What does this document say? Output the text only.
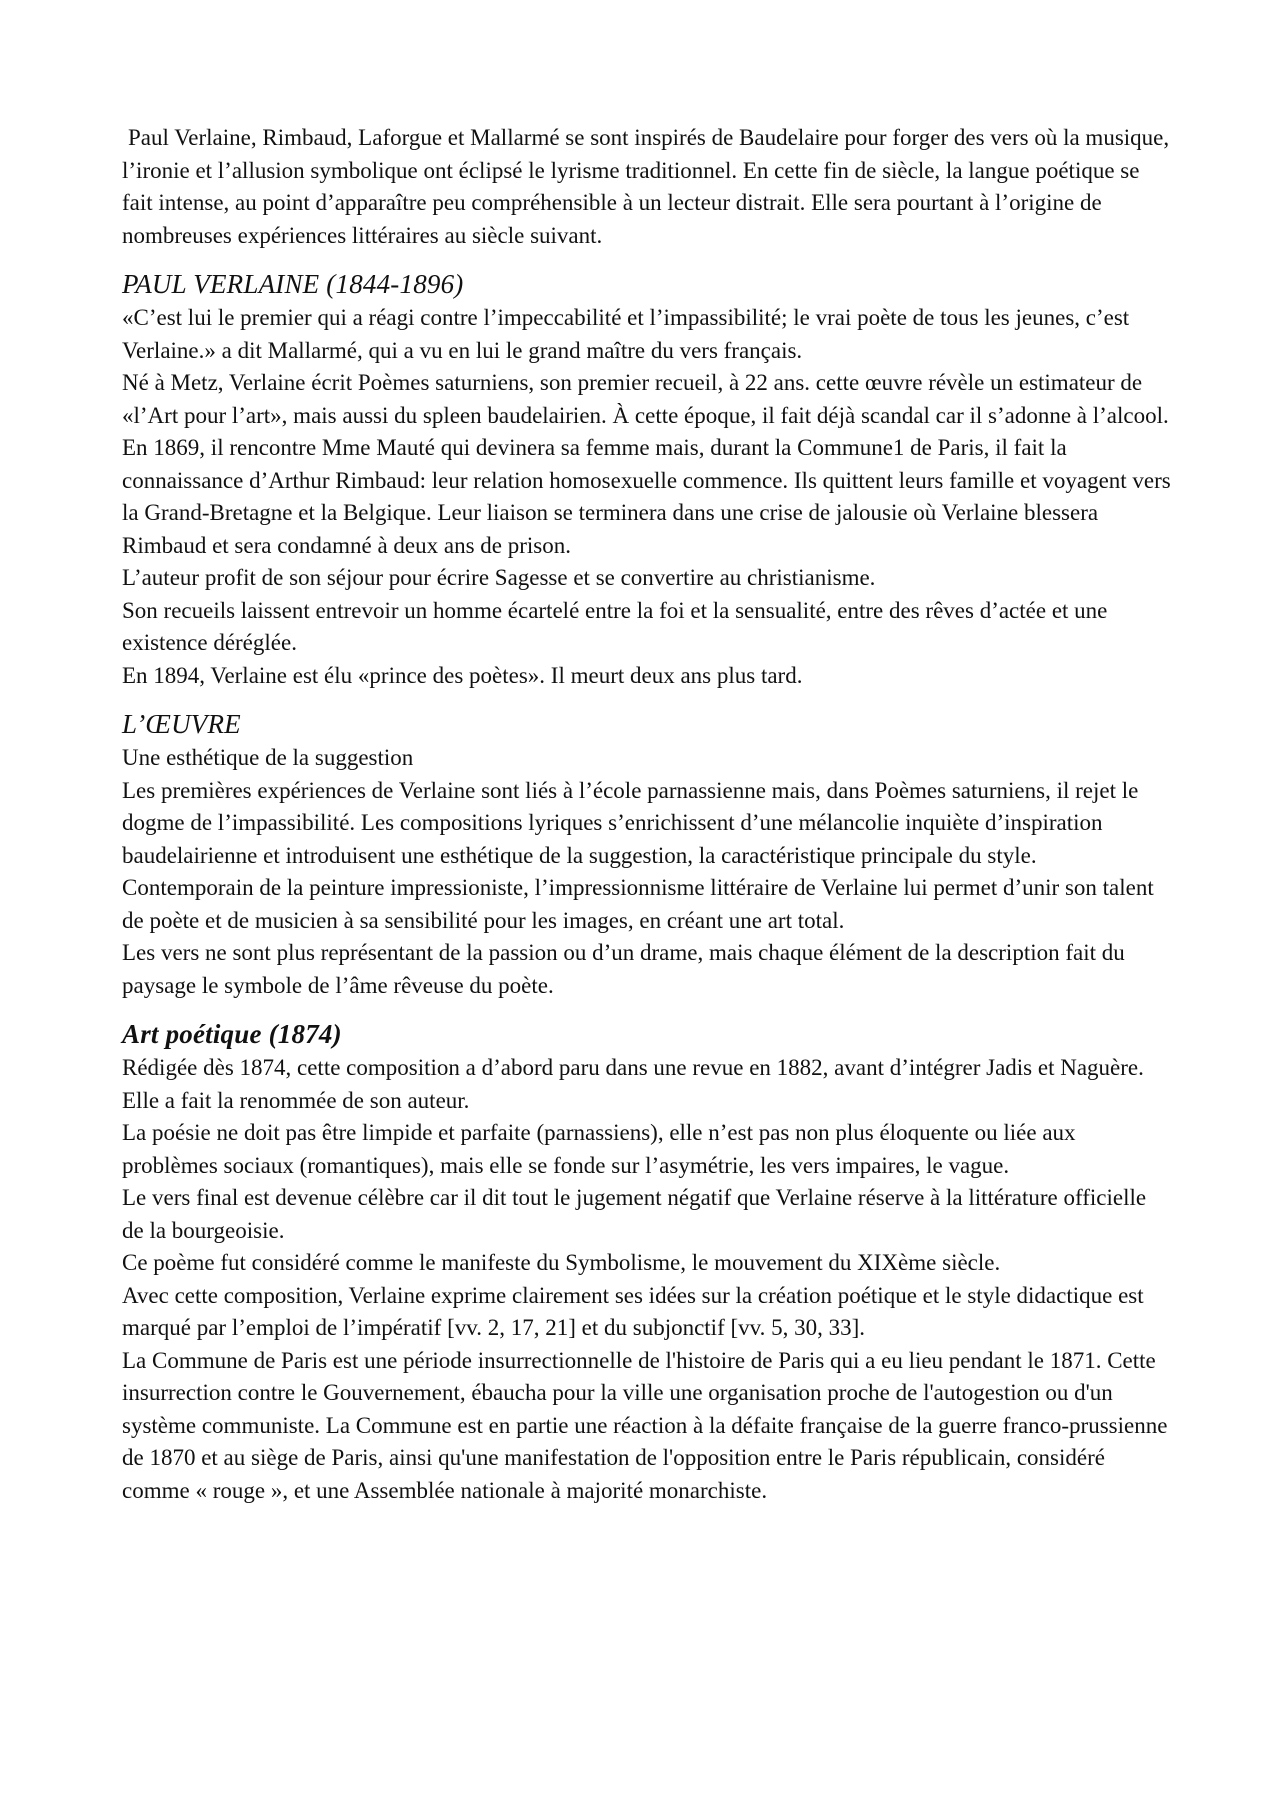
Paul Verlaine, Rimbaud, Laforgue et Mallarmé se sont inspirés de Baudelaire pour forger des vers où la musique, l’ironie et l’allusion symbolique ont éclipsé le lyrisme traditionnel. En cette fin de siècle, la langue poétique se fait intense, au point d’apparaître peu compréhensible à un lecteur distrait. Elle sera pourtant à l’origine de nombreuses expériences littéraires au siècle suivant.

PAUL VERLAINE (1844-1896)

«C’est lui le premier qui a réagi contre l’impeccabilité et l’impassibilité; le vrai poète de tous les jeunes, c’est Verlaine.» a dit Mallarmé, qui a vu en lui le grand maître du vers français.

Né à Metz, Verlaine écrit Poèmes saturniens, son premier recueil, à 22 ans. cette œuvre révèle un estimateur de «l’Art pour l’art», mais aussi du spleen baudelairien. À cette époque, il fait déjà scandal car il s’adonne à l’alcool.

En 1869, il rencontre Mme Mauté qui devinera sa femme mais, durant la Commune1 de Paris, il fait la connaissance d’Arthur Rimbaud: leur relation homosexuelle commence. Ils quittent leurs famille et voyagent vers la Grand-Bretagne et la Belgique. Leur liaison se terminera dans une crise de jalousie où Verlaine blessera Rimbaud et sera condamné à deux ans de prison.

L’auteur profit de son séjour pour écrire Sagesse et se convertire au christianisme.

Son recueils laissent entrevoir un homme écartelé entre la foi et la sensualité, entre des rêves d’actée et une existence déréglée.

En 1894, Verlaine est élu «prince des poètes». Il meurt deux ans plus tard.

L’ŒUVRE

Une esthétique de la suggestion

Les premières expériences de Verlaine sont liés à l’école parnassienne mais, dans Poèmes saturniens, il rejet le dogme de l’impassibilité. Les compositions lyriques s’enrichissent d’une mélancolie inquiète d’inspiration baudelairienne et introduisent une esthétique de la suggestion, la caractéristique principale du style.

Contemporain de la peinture impressioniste, l’impressionnisme littéraire de Verlaine lui permet d’unir son talent de poète et de musicien à sa sensibilité pour les images, en créant une art total.

Les vers ne sont plus représentant de la passion ou d’un drame, mais chaque élément de la description fait du paysage le symbole de l’âme rêveuse du poète.

Art poétique (1874)

Rédigée dès 1874, cette composition a d’abord paru dans une revue en 1882, avant d’intégrer Jadis et Naguère. Elle a fait la renommée de son auteur.

La poésie ne doit pas être limpide et parfaite (parnassiens), elle n’est pas non plus éloquente ou liée aux problèmes sociaux (romantiques), mais elle se fonde sur l’asymétrie, les vers impaires, le vague.

Le vers final est devenue célèbre car il dit tout le jugement négatif que Verlaine réserve à la littérature officielle de la bourgeoisie.

Ce poème fut considéré comme le manifeste du Symbolisme, le mouvement du XIXème siècle.

Avec cette composition, Verlaine exprime clairement ses idées sur la création poétique et le style didactique est marqué par l’emploi de l’impératif [vv. 2, 17, 21] et du subjonctif [vv. 5, 30, 33].

La Commune de Paris est une période insurrectionnelle de l'histoire de Paris qui a eu lieu pendant le 1871. Cette insurrection contre le Gouvernement, ébaucha pour la ville une organisation proche de l'autogestion ou d'un système communiste. La Commune est en partie une réaction à la défaite française de la guerre franco-prussienne de 1870 et au siège de Paris, ainsi qu'une manifestation de l'opposition entre le Paris républicain, considéré comme « rouge », et une Assemblée nationale à majorité monarchiste.
